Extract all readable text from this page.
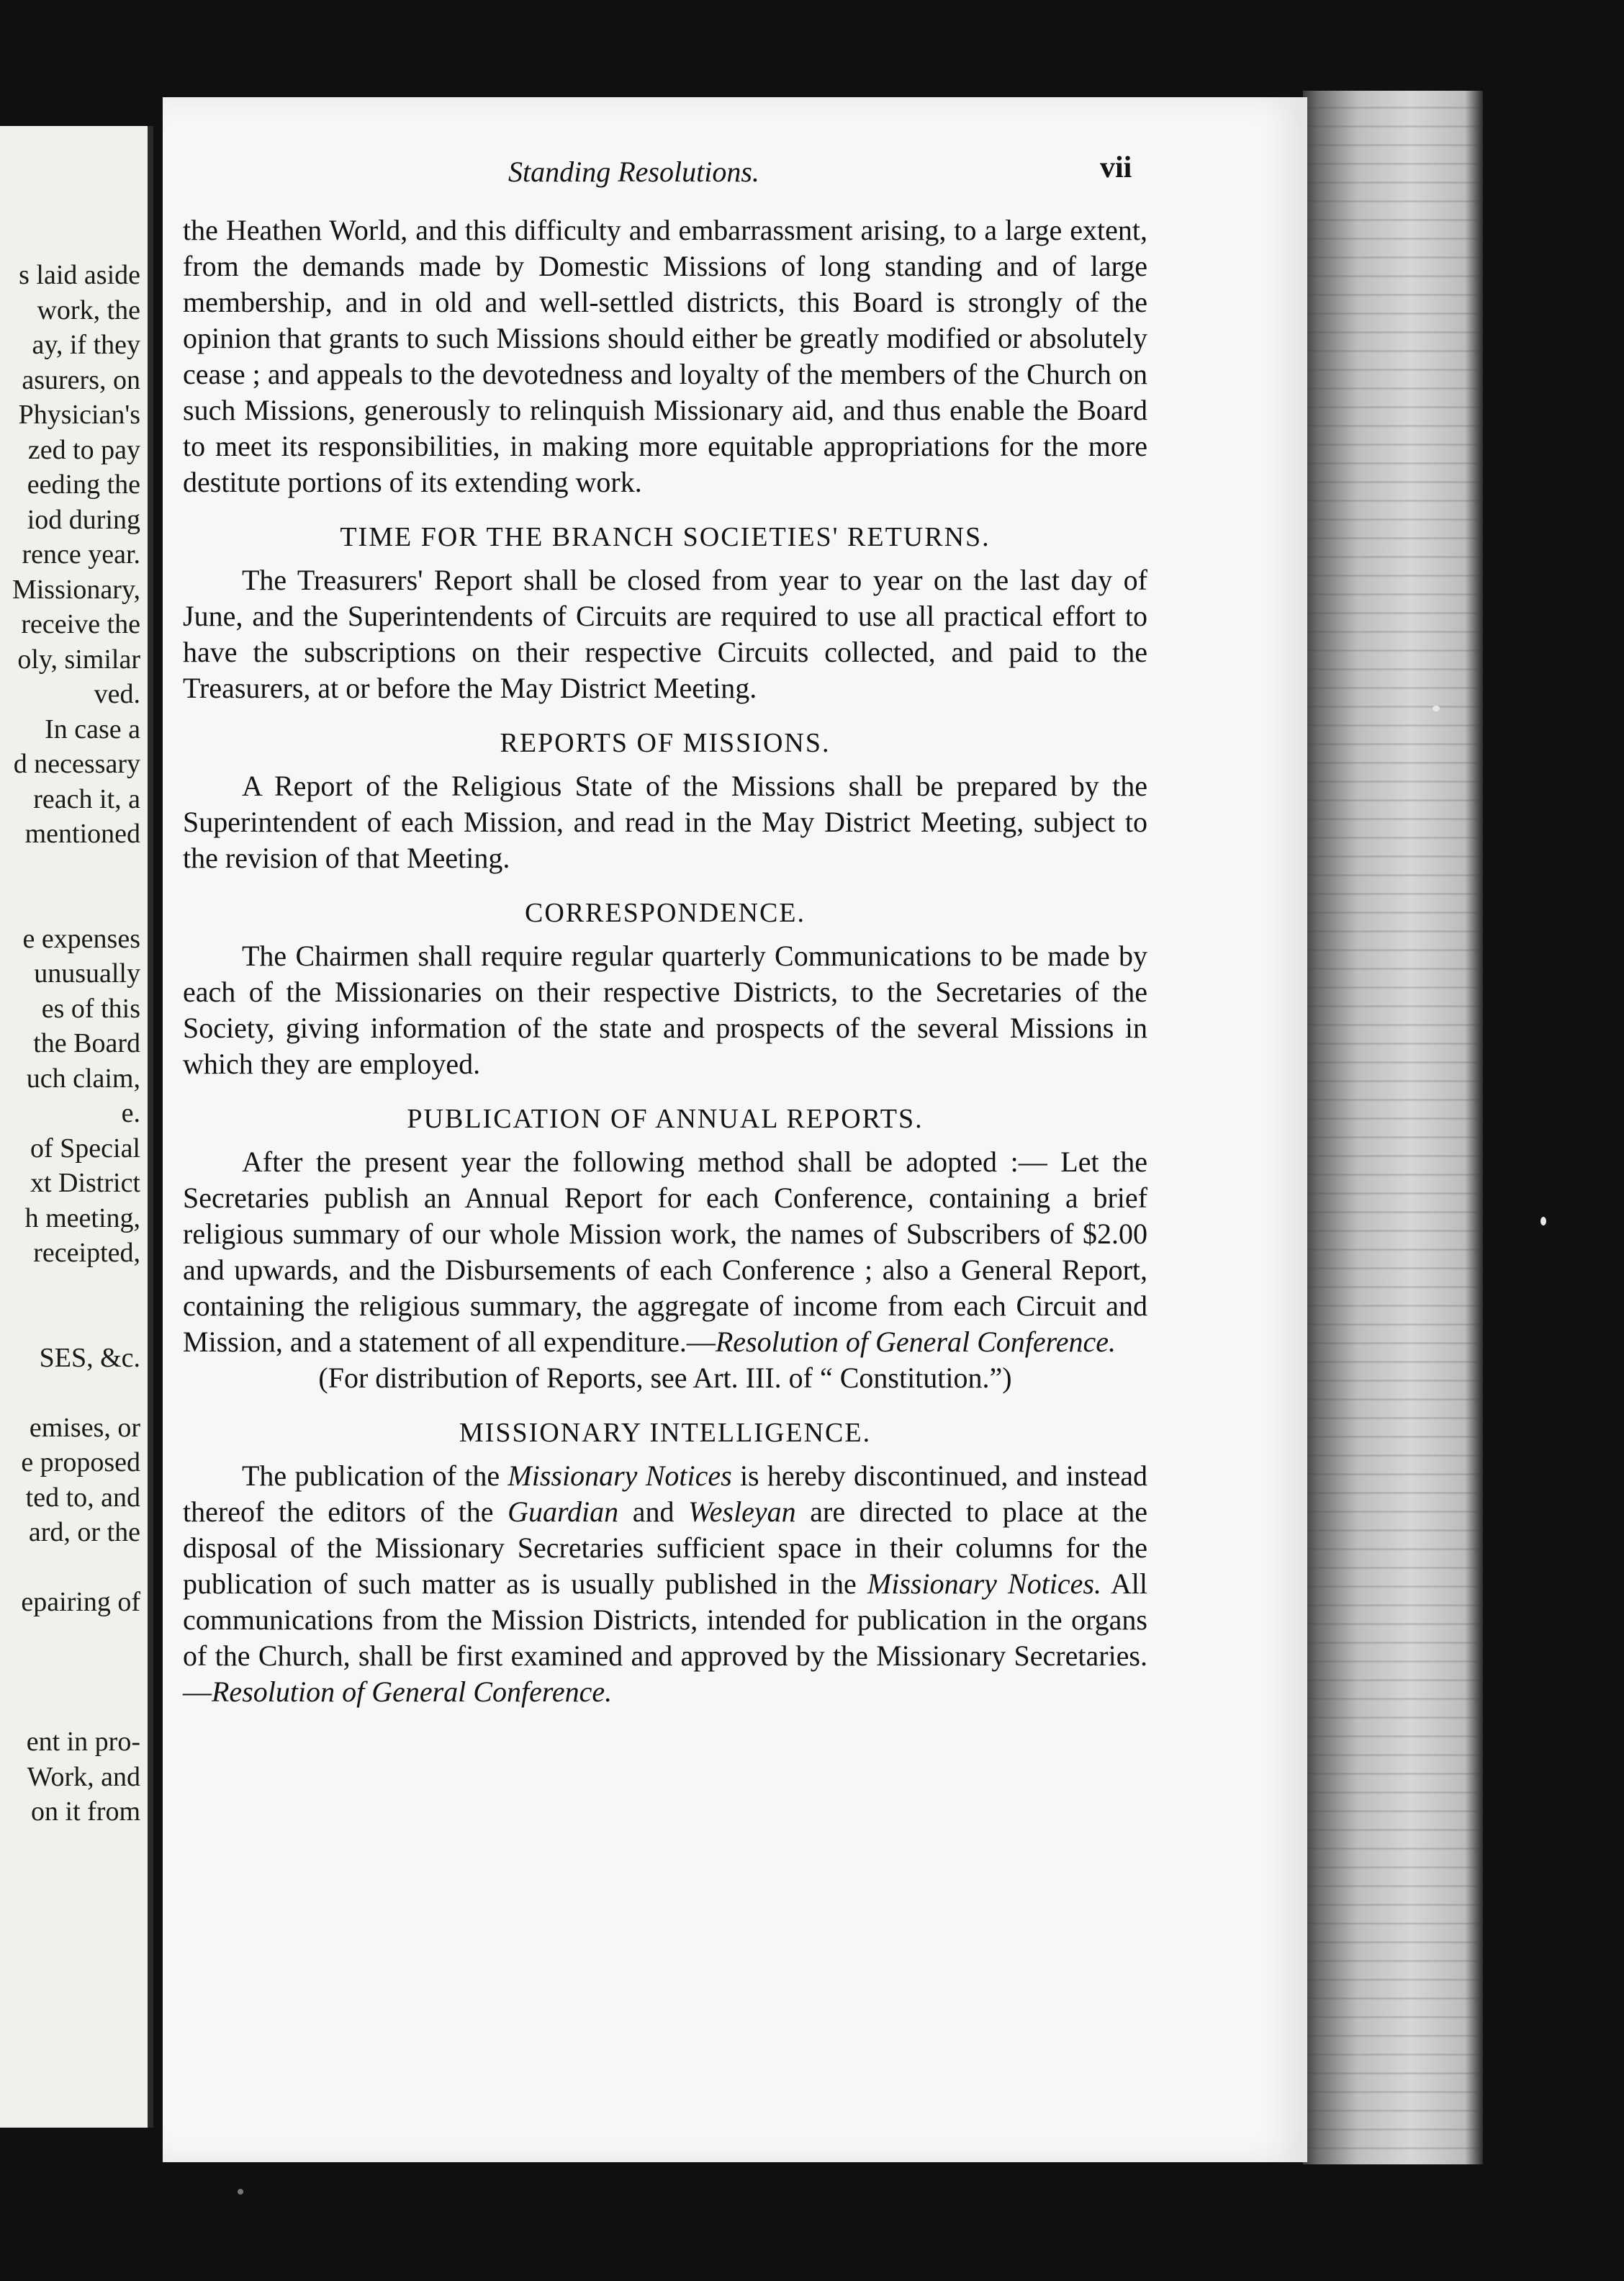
s laid aside
work, the
ay, if they
asurers, on
Physician's
zed to pay
eeding the
iod during
rence year.
Missionary,
receive the
oly, similar
ved.
In case a
d necessary
reach it, a
mentioned
e expenses
unusually
es of this
the Board
uch claim,
e.
of Special
xt District
h meeting,
receipted,
SES, &c.
emises, or
e proposed
ted to, and
ard, or the
epairing of
ent in pro-
Work, and
on it from
Standing Resolutions.	vii

the Heathen World, and this difficulty and embarrassment arising, to a large extent, from the demands made by Domestic Missions of long standing and of large membership, and in old and well-settled districts, this Board is strongly of the opinion that grants to such Missions should either be greatly modified or absolutely cease ; and appeals to the devotedness and loyalty of the members of the Church on such Missions, generously to relinquish Missionary aid, and thus enable the Board to meet its responsibilities, in making more equitable appropriations for the more destitute portions of its extending work.

TIME FOR THE BRANCH SOCIETIES' RETURNS.

The Treasurers' Report shall be closed from year to year on the last day of June, and the Superintendents of Circuits are required to use all practical effort to have the subscriptions on their respective Circuits collected, and paid to the Treasurers, at or before the May District Meeting.

REPORTS OF MISSIONS.

A Report of the Religious State of the Missions shall be prepared by the Superintendent of each Mission, and read in the May District Meeting, subject to the revision of that Meeting.

CORRESPONDENCE.

The Chairmen shall require regular quarterly Communications to be made by each of the Missionaries on their respective Districts, to the Secretaries of the Society, giving information of the state and prospects of the several Missions in which they are employed.

PUBLICATION OF ANNUAL REPORTS.

After the present year the following method shall be adopted :— Let the Secretaries publish an Annual Report for each Conference, containing a brief religious summary of our whole Mission work, the names of Subscribers of $2.00 and upwards, and the Disbursements of each Conference ; also a General Report, containing the religious summary, the aggregate of income from each Circuit and Mission, and a statement of all expenditure.—Resolution of General Conference.

(For distribution of Reports, see Art. III. of “ Constitution.”)

MISSIONARY INTELLIGENCE.

The publication of the Missionary Notices is hereby discontinued, and instead thereof the editors of the Guardian and Wesleyan are directed to place at the disposal of the Missionary Secretaries sufficient space in their columns for the publication of such matter as is usually published in the Missionary Notices. All communications from the Mission Districts, intended for publication in the organs of the Church, shall be first examined and approved by the Missionary Secretaries.—Resolution of General Conference.
